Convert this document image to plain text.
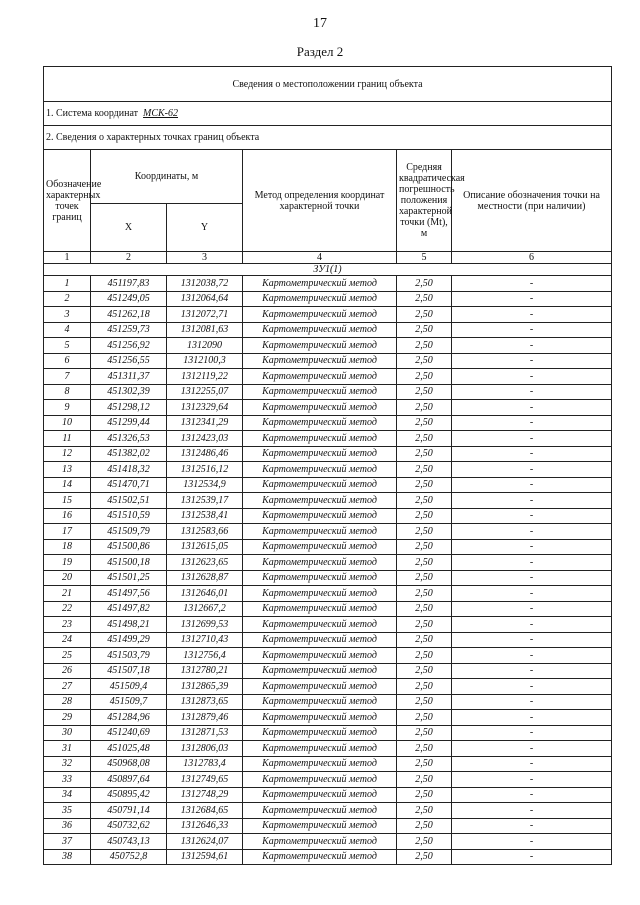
17
Раздел 2
Сведения о местоположении границ объекта					
1. Система координат МСК-62					
2. Сведения о характерных точках границ объекта					
Обозначение характерных точек границ	Координаты, м		Метод определения координат характерной точки	Средняя квадратическая погрешность положения характерной точки (Mt), м	Описание обозначения точки на местности (при наличии)
	X	Y			
1	2	3	4	5	6
ЗУ1(1)					
1	451197,83	1312038,72	Картометрический метод	2,50	-
2	451249,05	1312064,64	Картометрический метод	2,50	-
3	451262,18	1312072,71	Картометрический метод	2,50	-
4	451259,73	1312081,63	Картометрический метод	2,50	-
5	451256,92	1312090	Картометрический метод	2,50	-
6	451256,55	1312100,3	Картометрический метод	2,50	-
7	451311,37	1312119,22	Картометрический метод	2,50	-
8	451302,39	1312255,07	Картометрический метод	2,50	-
9	451298,12	1312329,64	Картометрический метод	2,50	-
10	451299,44	1312341,29	Картометрический метод	2,50	-
11	451326,53	1312423,03	Картометрический метод	2,50	-
12	451382,02	1312486,46	Картометрический метод	2,50	-
13	451418,32	1312516,12	Картометрический метод	2,50	-
14	451470,71	1312534,9	Картометрический метод	2,50	-
15	451502,51	1312539,17	Картометрический метод	2,50	-
16	451510,59	1312538,41	Картометрический метод	2,50	-
17	451509,79	1312583,66	Картометрический метод	2,50	-
18	451500,86	1312615,05	Картометрический метод	2,50	-
19	451500,18	1312623,65	Картометрический метод	2,50	-
20	451501,25	1312628,87	Картометрический метод	2,50	-
21	451497,56	1312646,01	Картометрический метод	2,50	-
22	451497,82	1312667,2	Картометрический метод	2,50	-
23	451498,21	1312699,53	Картометрический метод	2,50	-
24	451499,29	1312710,43	Картометрический метод	2,50	-
25	451503,79	1312756,4	Картометрический метод	2,50	-
26	451507,18	1312780,21	Картометрический метод	2,50	-
27	451509,4	1312865,39	Картометрический метод	2,50	-
28	451509,7	1312873,65	Картометрический метод	2,50	-
29	451284,96	1312879,46	Картометрический метод	2,50	-
30	451240,69	1312871,53	Картометрический метод	2,50	-
31	451025,48	1312806,03	Картометрический метод	2,50	-
32	450968,08	1312783,4	Картометрический метод	2,50	-
33	450897,64	1312749,65	Картометрический метод	2,50	-
34	450895,42	1312748,29	Картометрический метод	2,50	-
35	450791,14	1312684,65	Картометрический метод	2,50	-
36	450732,62	1312646,33	Картометрический метод	2,50	-
37	450743,13	1312624,07	Картометрический метод	2,50	-
38	450752,8	1312594,61	Картометрический метод	2,50	-
